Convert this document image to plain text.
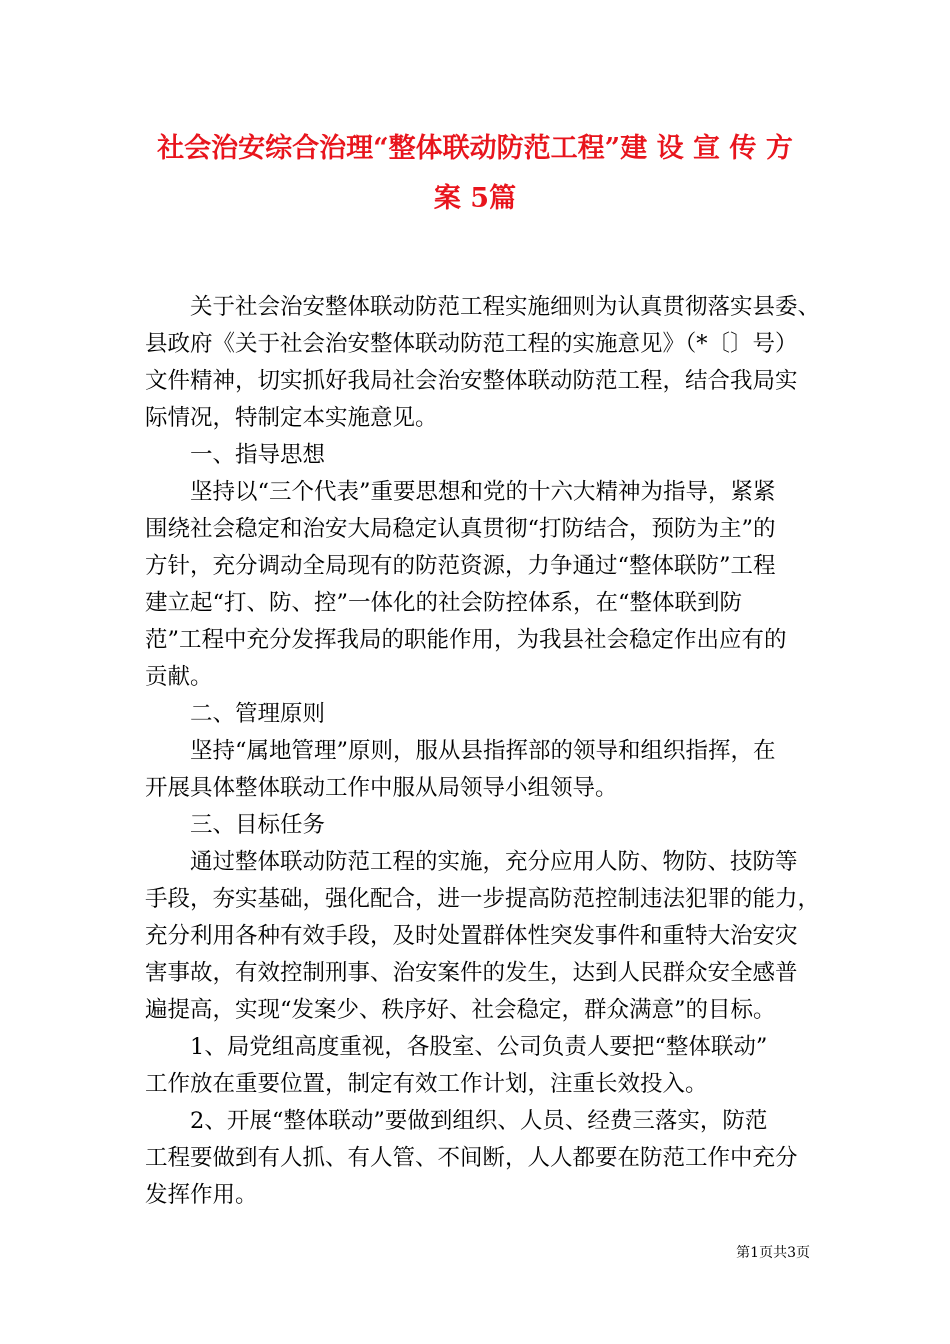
社会治安综合治理“整体联动防范工程”建 设 宣 传 方
案 5篇

关于社会治安整体联动防范工程实施细则为认真贯彻落实县委、

县政府《关于社会治安整体联动防范工程的实施意见》（*〔〕号）

文件精神，切实抓好我局社会治安整体联动防范工程，结合我局实

际情况，特制定本实施意见。

一、指导思想

坚持以“三个代表”重要思想和党的十六大精神为指导，紧紧

围绕社会稳定和治安大局稳定认真贯彻“打防结合，预防为主”的

方针，充分调动全局现有的防范资源，力争通过“整体联防”工程

建立起“打、防、控”一体化的社会防控体系，在“整体联到防

范”工程中充分发挥我局的职能作用，为我县社会稳定作出应有的

贡献。

二、管理原则

坚持“属地管理”原则，服从县指挥部的领导和组织指挥，在

开展具体整体联动工作中服从局领导小组领导。

三、目标任务

通过整体联动防范工程的实施，充分应用人防、物防、技防等

手段，夯实基础，强化配合，进一步提高防范控制违法犯罪的能力，

充分利用各种有效手段，及时处置群体性突发事件和重特大治安灾

害事故，有效控制刑事、治安案件的发生，达到人民群众安全感普

遍提高，实现“发案少、秩序好、社会稳定，群众满意”的目标。

1、局党组高度重视，各股室、公司负责人要把“整体联动”

工作放在重要位置，制定有效工作计划，注重长效投入。

2、开展“整体联动”要做到组织、人员、经费三落实，防范

工程要做到有人抓、有人管、不间断，人人都要在防范工作中充分

发挥作用。

第1页共3页
